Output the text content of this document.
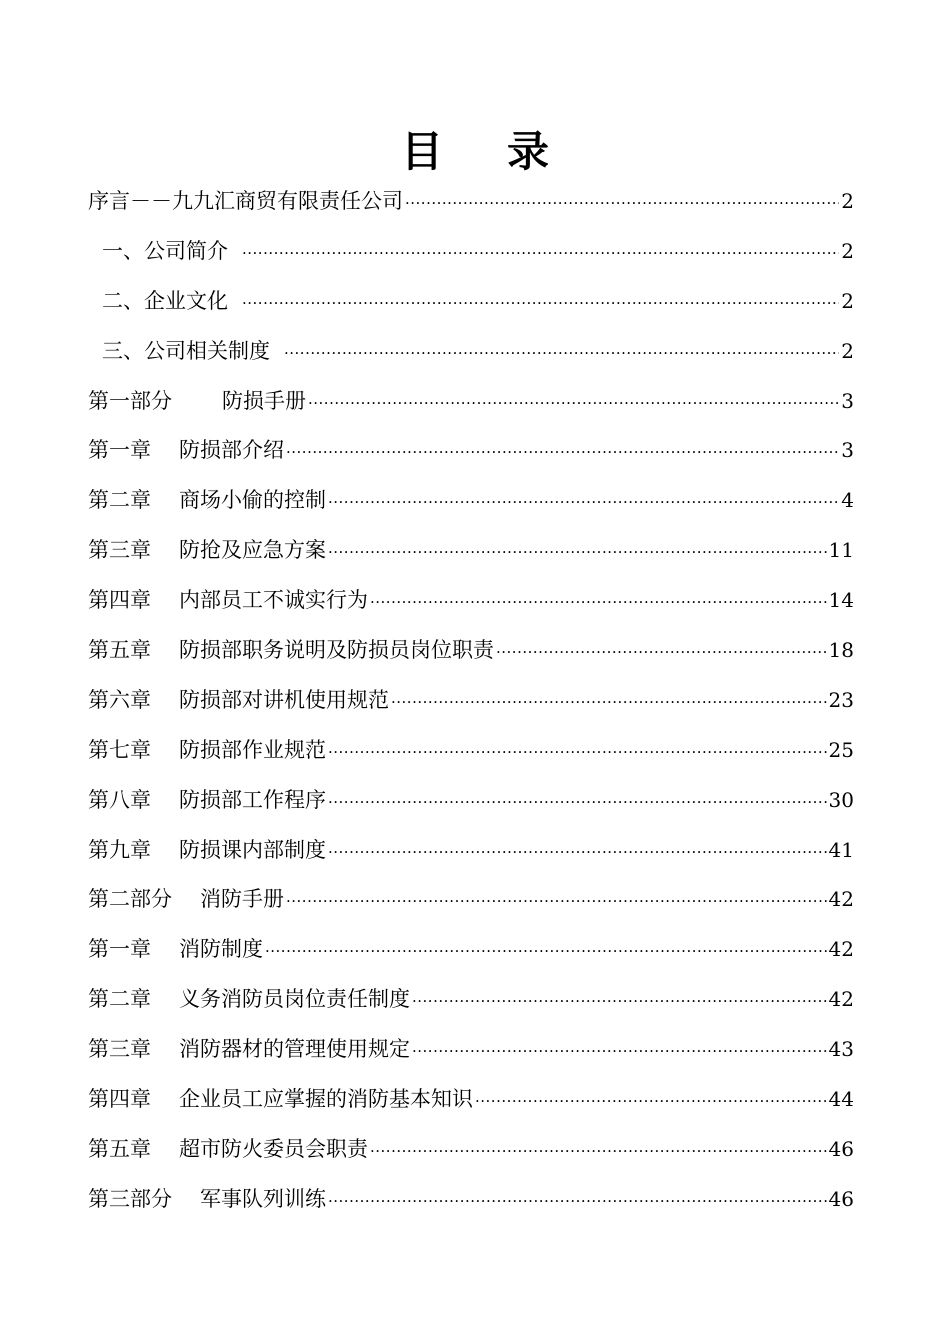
目 录
序言－－九九汇商贸有限责任公司 ·····	2
一、 公司简介 ·····	2
二、 企业文化 ·····	2
三、 公司相关制度 ·····	2
第一部分 防损手册 ·····	3
第一章 防损部介绍 ·····	3
第二章 商场小偷的控制 ·····	4
第三章 防抢及应急方案 ·····	11
第四章 内部员工不诚实行为 ·····	14
第五章 防损部职务说明及防损员岗位职责 ·····	18
第六章 防损部对讲机使用规范 ·····	23
第七章 防损部作业规范 ·····	25
第八章 防损部工作程序 ·····	30
第九章 防损课内部制度 ·····	41
第二部分 消防手册 ·····	42
第一章 消防制度 ·····	42
第二章 义务消防员岗位责任制度 ·····	42
第三章 消防器材的管理使用规定 ·····	43
第四章 企业员工应掌握的消防基本知识 ·····	44
第五章 超市防火委员会职责 ·····	46
第三部分 军事队列训练 ·····	46
